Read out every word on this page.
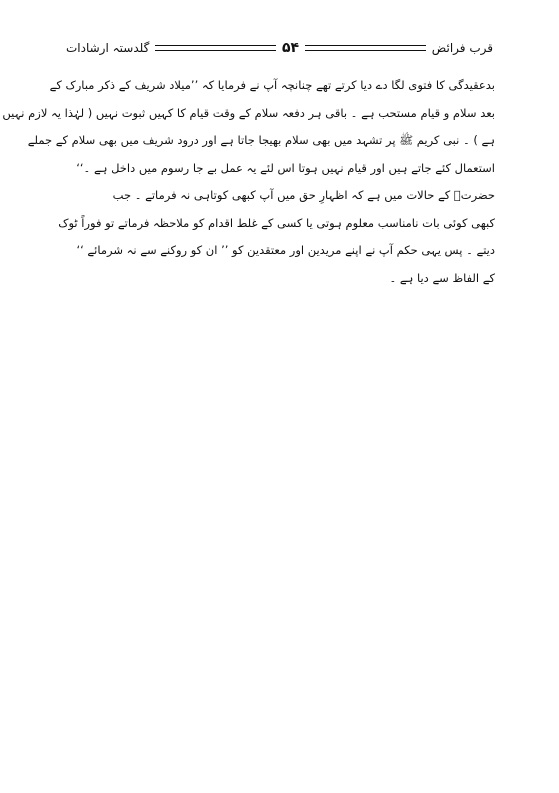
قرب فرائض
۵۴
گلدستہ ارشادات
بدعقیدگی کا فتوی لگا دے دیا کرتے تھے چنانچہ آپ نے فرمایا کہ ’’میلاد شریف کے ذکر مبارک کے
بعد سلام و قیام مستحب ہے ۔ باقی ہر دفعہ سلام کے وقت قیام کا کہیں ثبوت نہیں ( لہٰذا یہ لازم نہیں
ہے ) ۔ نبی کریم ﷺ پر تشہد میں بھی سلام بھیجا جاتا ہے اور درود شریف میں بھی سلام کے جملے
استعمال کئے جاتے ہیں اور قیام نہیں ہوتا اس لئے یہ عمل بے جا رسوم میں داخل ہے ۔‘‘
حضرتؒ کے حالات میں ہے کہ اظہارِ حق میں آپ کبھی کوتاہی نہ فرماتے ۔ جب
کبھی کوئی بات نامناسب معلوم ہوتی یا کسی کے غلط اقدام کو ملاحظہ فرماتے تو فوراً ٹوک
دیتے ۔ پس یہی حکم آپ نے اپنے مریدین اور معتقدین کو ’’ ان کو روکنے سے نہ شرمائے ‘‘
کے الفاظ سے دیا ہے ۔
